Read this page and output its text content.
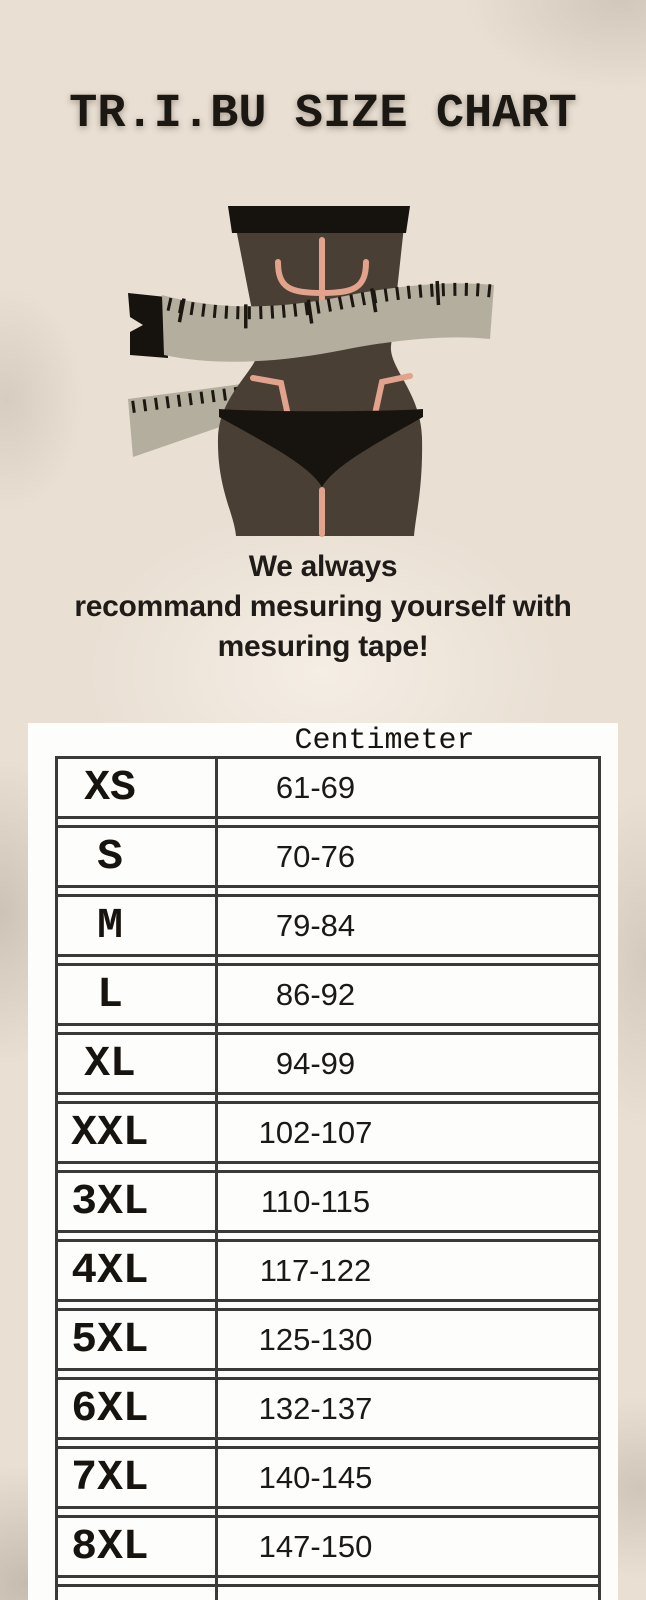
TR.I.BU SIZE CHART
We always
recommand mesuring yourself with
mesuring tape!
Centimeter
XS	61-69
S	70-76
M	79-84
L	86-92
XL	94-99
XXL	102-107
3XL	110-115
4XL	117-122
5XL	125-130
6XL	132-137
7XL	140-145
8XL	147-150
